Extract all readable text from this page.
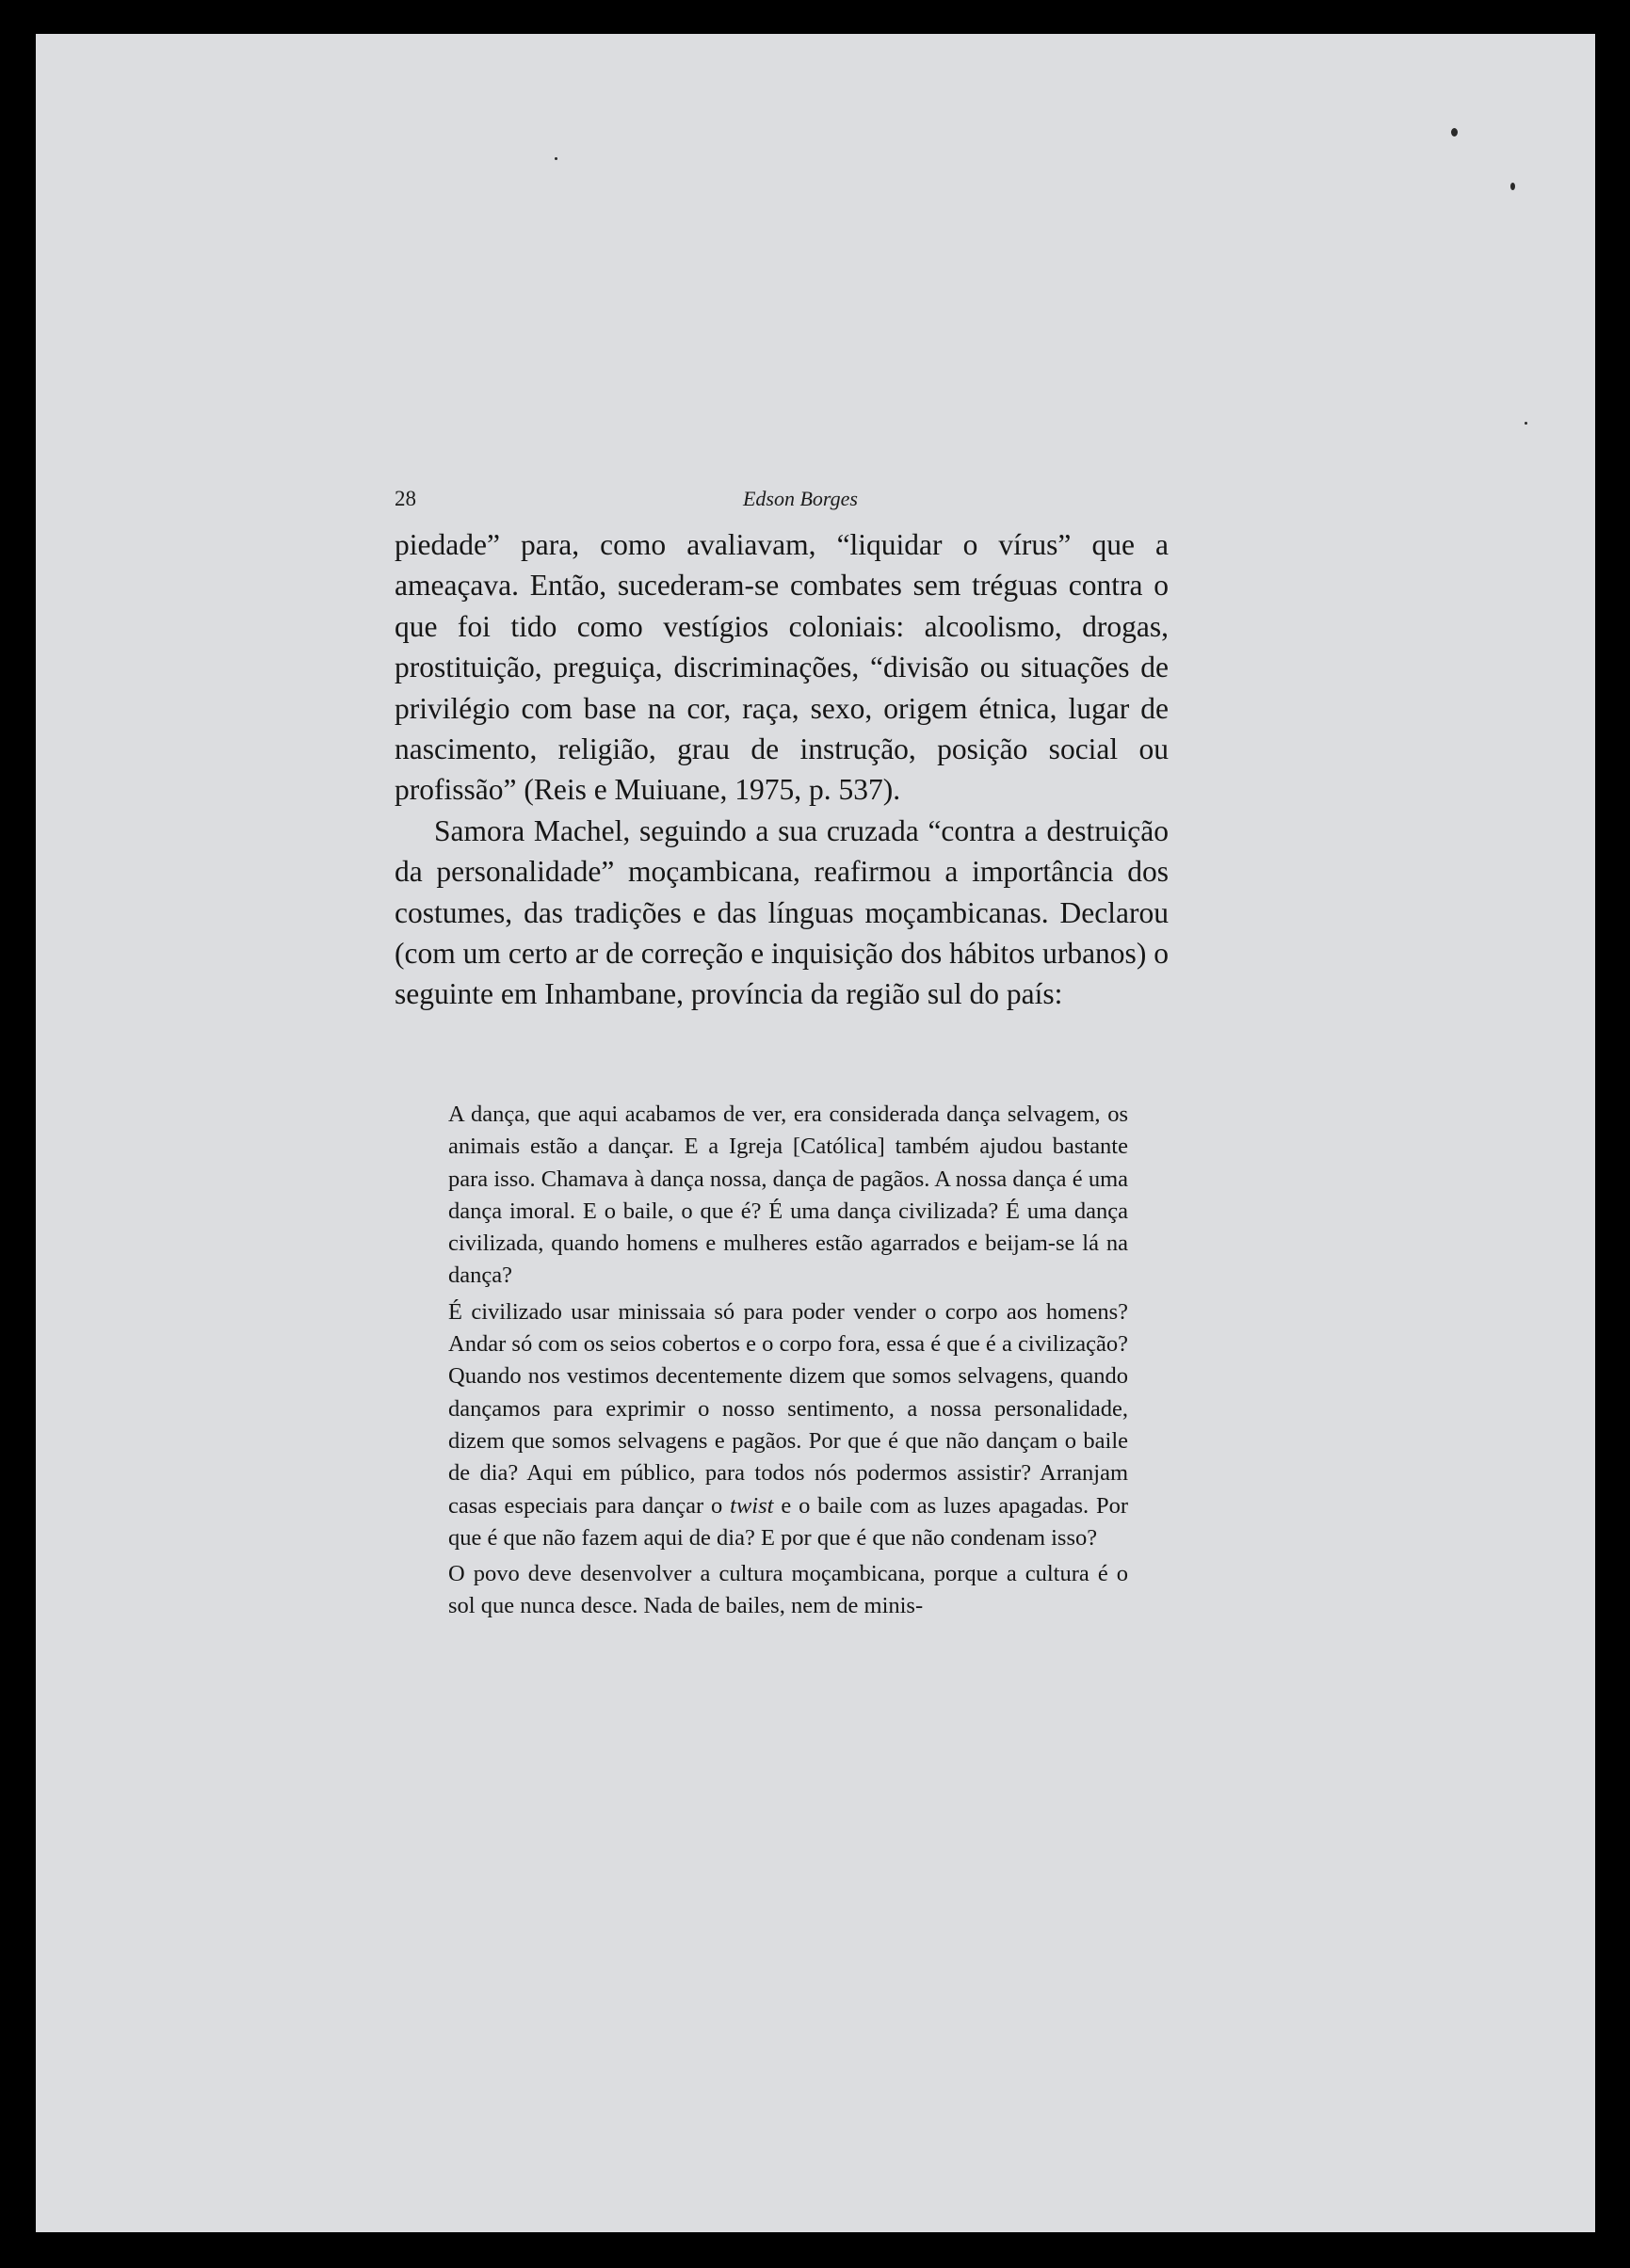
28	Edson Borges

piedade” para, como avaliavam, “liquidar o vírus” que a ameaçava. Então, sucederam-se combates sem tréguas contra o que foi tido como vestígios coloniais: alcoolismo, drogas, prostituição, preguiça, discriminações, “divisão ou situações de privilégio com base na cor, raça, sexo, origem étnica, lugar de nascimento, religião, grau de instrução, posição social ou profissão” (Reis e Muiuane, 1975, p. 537).

Samora Machel, seguindo a sua cruzada “contra a destruição da personalidade” moçambicana, reafirmou a importância dos costumes, das tradições e das línguas moçambicanas. Declarou (com um certo ar de correção e inquisição dos hábitos urbanos) o seguinte em Inhambane, província da região sul do país:

A dança, que aqui acabamos de ver, era considerada dança selvagem, os animais estão a dançar. E a Igreja [Católica] também ajudou bastante para isso. Chamava à dança nossa, dança de pagãos. A nossa dança é uma dança imoral. E o baile, o que é? É uma dança civilizada? É uma dança civilizada, quando homens e mulheres estão agarrados e beijam-se lá na dança?

É civilizado usar minissaia só para poder vender o corpo aos homens? Andar só com os seios cobertos e o corpo fora, essa é que é a civilização? Quando nos vestimos decentemente dizem que somos selvagens, quando dançamos para exprimir o nosso sentimento, a nossa personalidade, dizem que somos selvagens e pagãos. Por que é que não dançam o baile de dia? Aqui em público, para todos nós podermos assistir? Arranjam casas especiais para dançar o twist e o baile com as luzes apagadas. Por que é que não fazem aqui de dia? E por que é que não condenam isso?

O povo deve desenvolver a cultura moçambicana, porque a cultura é o sol que nunca desce. Nada de bailes, nem de minis-
